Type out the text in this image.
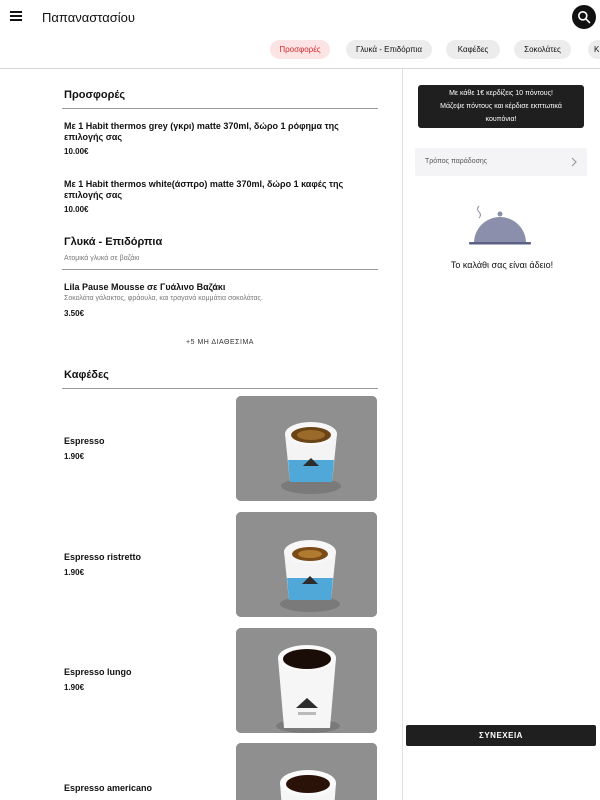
Παπαναστασίου
Προσφορές	Γλυκά - Επιδόρπια	Καφέδες	Σοκολάτες	Κ
Προσφορές
Με 1 Habit thermos grey (γκρι) matte 370ml, δώρο 1 ρόφημα της επιλογής σας
10.00€
Με 1 Habit thermos white(άσπρο) matte 370ml, δώρο 1 καφές της επιλογής σας
10.00€
Γλυκά - Επιδόρπια
Ατομικά γλυκά σε βαζάκι
Lila Pause Mousse σε Γυάλινο Βαζάκι
Σοκολάτα γάλακτος, φράουλα, και τραγανά κομμάτια σοκολάτας.
3.50€
+5 ΜΗ ΔΙΑΘΕΣΙΜΑ
Καφέδες
Espresso
1.90€
Espresso ristretto
1.90€
Espresso lungo
1.90€
Espresso americano
Με κάθε 1€ κερδίζεις 10 πόντους!
Μάζεψε πόντους και κέρδισε εκπτωτικά
κουπόνια!
Τρόπος παράδοσης
Το καλάθι σας είναι άδειο!
ΣΥΝΕΧΕΙΑ
